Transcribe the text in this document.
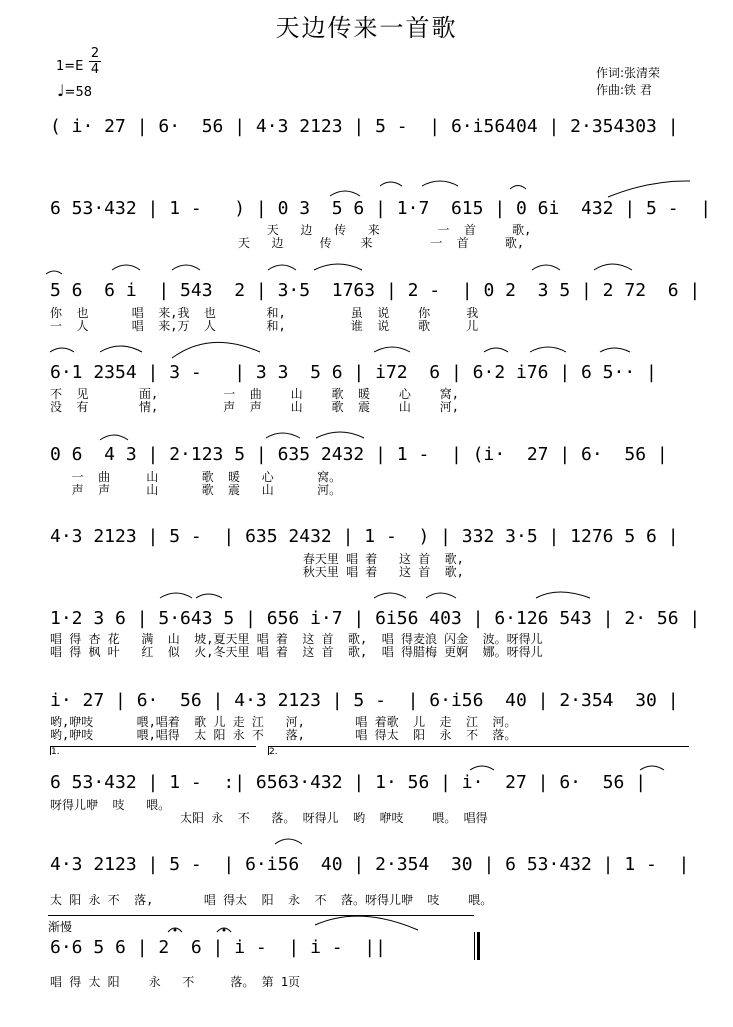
天边传来一首歌
1=E
2
4
♩=58
作词:张清荣
作曲:铁 君
( i· 27 | 6·  56 | 4·3 2123 | 5 -  | 6·i56404 | 2·354303 |
6 53·432 | 1 -   ) | 0 3  5 6 | 1·7  615 | 0 6i  432 | 5 -  |
天   边   传   来        一  首     歌,
天   边     传    来        一  首     歌,
5 6  6 i  | 543  2 | 3·5  1763 | 2 -  | 0 2  3 5 | 2 72  6 |
你  也      唱  来,我  也       和,         虽  说    你     我
一  人      唱  来,万  人       和,         谁  说    歌     儿
6·1 2354 | 3 -   | 3 3  5 6 | i72  6 | 6·2 i76 | 6 5·· |
不  见       面,         一  曲    山    歌  暖    心    窝,
没  有       情,         声  声    山    歌  震    山    河,
0 6  4 3 | 2·123 5 | 635 2432 | 1 -  | (i·  27 | 6·  56 |
一  曲     山      歌  暖   心      窝。
声  声     山      歌  震   山      河。
4·3 2123 | 5 -  | 635 2432 | 1 -  ) | 332 3·5 | 1276 5 6 |
春天里 唱 着   这 首  歌,
秋天里 唱 着   这 首  歌,
1·2 3 6 | 5·643 5 | 656 i·7 | 6i56 403 | 6·126 543 | 2· 56 |
唱 得 杏 花   满  山  坡,夏天里 唱 着  这 首  歌,  唱 得麦浪 闪金  波。呀得儿
唱 得 枫 叶   红  似  火,冬天里 唱 着  这 首  歌,  唱 得腊梅 更婀  娜。呀得儿
i· 27 | 6·  56 | 4·3 2123 | 5 -  | 6·i56  40 | 2·354  30 |
哟,咿吱      喂,唱着  歌 儿 走 江   河,       唱 着歌  儿  走  江  河。
哟,咿吱      喂,唱得  太 阳 永 不   落,       唱 得太  阳  永  不  落。
1.	2.
6 53·432 | 1 -  :| 6563·432 | 1· 56 | i·  27 | 6·  56 |
呀得儿咿  吱   喂。
太阳 永  不   落。 呀得儿  哟  咿吱    喂。 唱得
4·3 2123 | 5 -  | 6·i56  40 | 2·354  30 | 6 53·432 | 1 -  |
太 阳 永 不  落,       唱 得太  阳  永  不  落。呀得儿咿  吱    喂。
渐慢
6·6 5 6 | 2  6 | i -  | i -  ||
唱 得 太 阳    永   不     落。 第 1页
